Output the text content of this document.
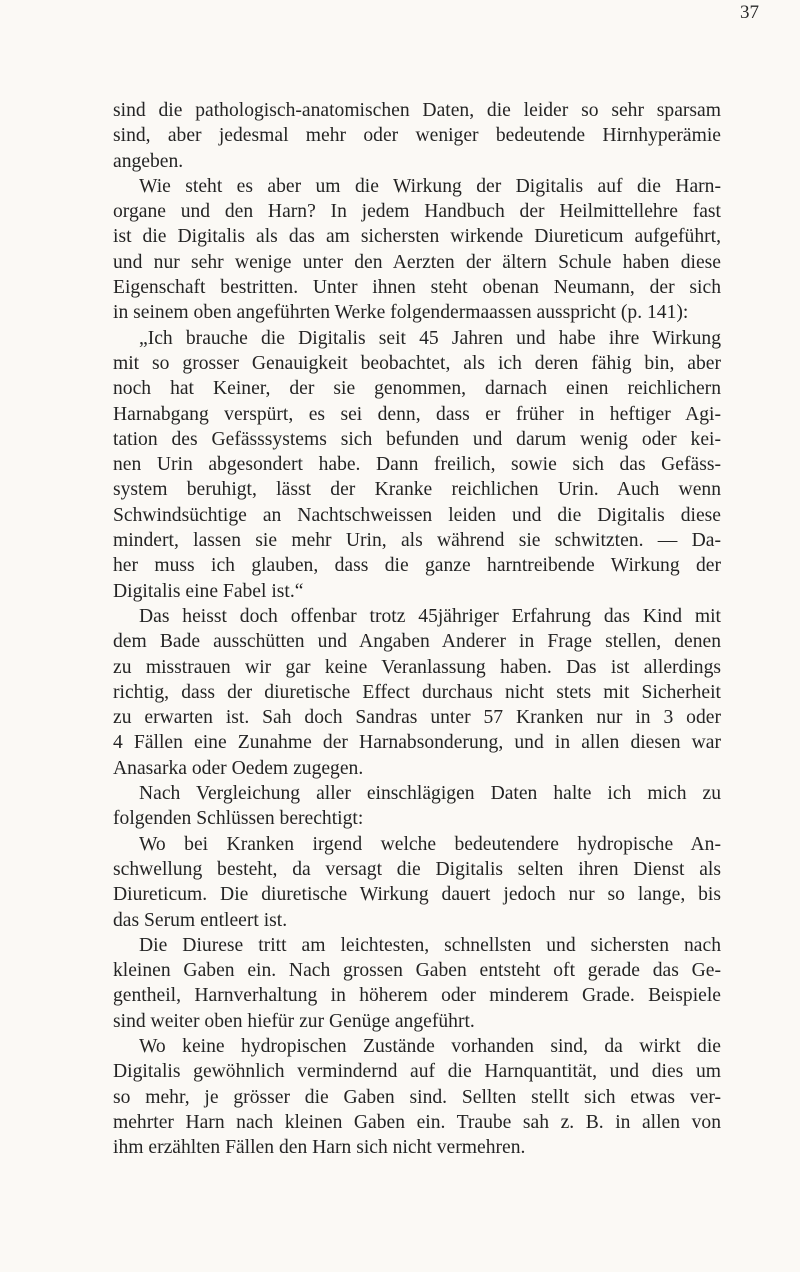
37

sind die pathologisch-anatomischen Daten, die leider so sehr sparsam
sind, aber jedesmal mehr oder weniger bedeutende Hirnhyperämie
angeben.

Wie steht es aber um die Wirkung der Digitalis auf die Harn-
organe und den Harn? In jedem Handbuch der Heilmittellehre fast
ist die Digitalis als das am sichersten wirkende Diureticum aufgeführt,
und nur sehr wenige unter den Aerzten der ältern Schule haben diese
Eigenschaft bestritten. Unter ihnen steht obenan Neumann, der sich
in seinem oben angeführten Werke folgendermaassen ausspricht (p. 141):

„Ich brauche die Digitalis seit 45 Jahren und habe ihre Wirkung
mit so grosser Genauigkeit beobachtet, als ich deren fähig bin, aber
noch hat Keiner, der sie genommen, darnach einen reichlichern
Harnabgang verspürt, es sei denn, dass er früher in heftiger Agi-
tation des Gefässsystems sich befunden und darum wenig oder kei-
nen Urin abgesondert habe. Dann freilich, sowie sich das Gefäss-
system beruhigt, lässt der Kranke reichlichen Urin. Auch wenn
Schwindsüchtige an Nachtschweissen leiden und die Digitalis diese
mindert, lassen sie mehr Urin, als während sie schwitzten. — Da-
her muss ich glauben, dass die ganze harntreibende Wirkung der
Digitalis eine Fabel ist.“

Das heisst doch offenbar trotz 45jähriger Erfahrung das Kind mit
dem Bade ausschütten und Angaben Anderer in Frage stellen, denen
zu misstrauen wir gar keine Veranlassung haben. Das ist allerdings
richtig, dass der diuretische Effect durchaus nicht stets mit Sicherheit
zu erwarten ist. Sah doch Sandras unter 57 Kranken nur in 3 oder
4 Fällen eine Zunahme der Harnabsonderung, und in allen diesen war
Anasarka oder Oedem zugegen.

Nach Vergleichung aller einschlägigen Daten halte ich mich zu
folgenden Schlüssen berechtigt:

Wo bei Kranken irgend welche bedeutendere hydropische An-
schwellung besteht, da versagt die Digitalis selten ihren Dienst als
Diureticum. Die diuretische Wirkung dauert jedoch nur so lange, bis
das Serum entleert ist.

Die Diurese tritt am leichtesten, schnellsten und sichersten nach
kleinen Gaben ein. Nach grossen Gaben entsteht oft gerade das Ge-
gentheil, Harnverhaltung in höherem oder minderem Grade. Beispiele
sind weiter oben hiefür zur Genüge angeführt.

Wo keine hydropischen Zustände vorhanden sind, da wirkt die
Digitalis gewöhnlich vermindernd auf die Harnquantität, und dies um
so mehr, je grösser die Gaben sind. Sellten stellt sich etwas ver-
mehrter Harn nach kleinen Gaben ein. Traube sah z. B. in allen von
ihm erzählten Fällen den Harn sich nicht vermehren.
